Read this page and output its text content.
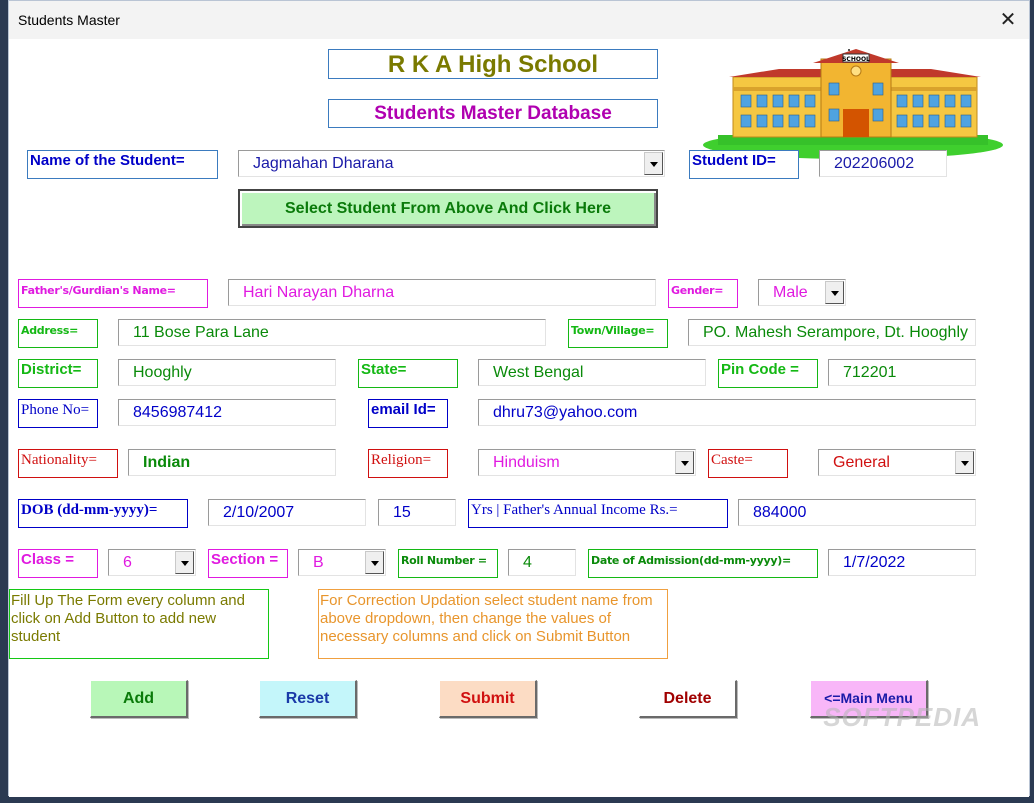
Students Master	✕
R K A High School
Students Master Database
SCHOOL
Name of the Student=	Jagmahan Dharana	Student ID=	202206002
Select Student From Above And Click Here
Father's/Gurdian's Name=	Hari Narayan Dharna	Gender=	Male
Address=	11 Bose Para Lane	Town/Village=	PO. Mahesh Serampore, Dt. Hooghly
District=	Hooghly	State=	West Bengal	Pin Code =	712201
Phone No=	8456987412	email Id=	dhru73@yahoo.com
Nationality=	Indian	Religion=	Hinduism	Caste=	General
DOB (dd-mm-yyyy)=	2/10/2007	15	Yrs | Father's Annual Income Rs.=	884000
Class =	6	Section =	B	Roll Number =	4	Date of Admission(dd-mm-yyyy)=	1/7/2022
Fill Up The Form every column and click on Add Button to add new student
For Correction Updation select student name from above dropdown, then change the values of necessary columns and click on Submit Button
Add	Reset	Submit	Delete	<=Main Menu
SOFTPEDIA
